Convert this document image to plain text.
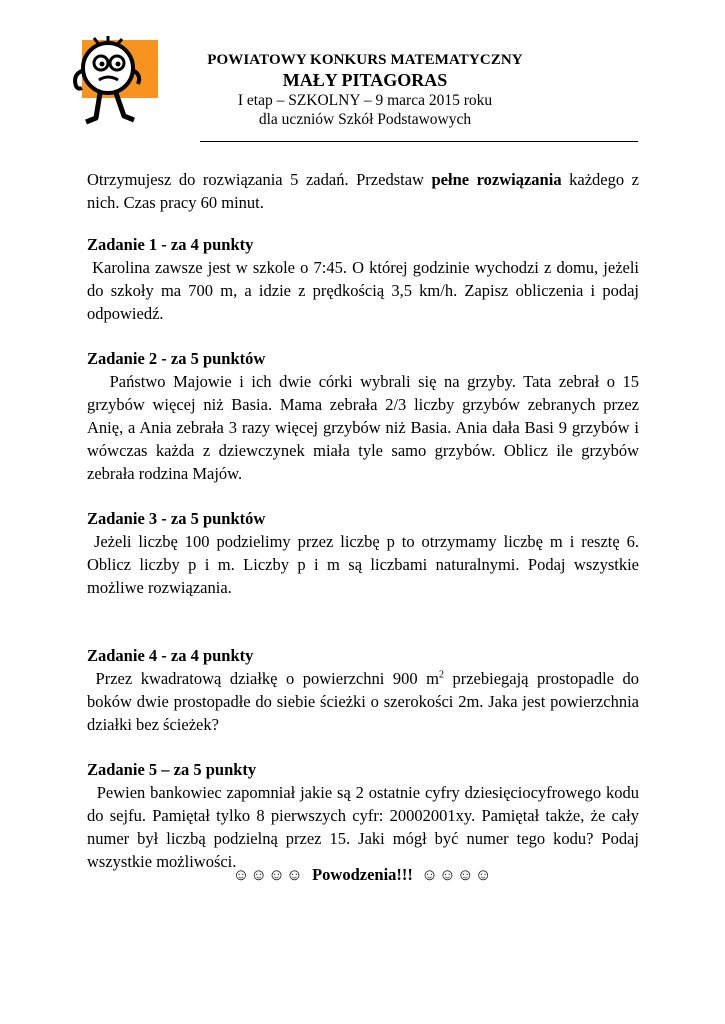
POWIATOWY KONKURS MATEMATYCZNY
MAŁY PITAGORAS
I etap – SZKOLNY – 9 marca 2015 roku
dla uczniów Szkół Podstawowych

Otrzymujesz do rozwiązania 5 zadań. Przedstaw pełne rozwiązania każdego z nich. Czas pracy 60 minut.

Zadanie 1 - za 4 punkty

Karolina zawsze jest w szkole o 7:45. O której godzinie wychodzi z domu, jeżeli do szkoły ma 700 m, a idzie z prędkością 3,5 km/h. Zapisz obliczenia i podaj odpowiedź.

Zadanie 2 - za 5 punktów

Państwo Majowie i ich dwie córki wybrali się na grzyby. Tata zebrał o 15 grzybów więcej niż Basia. Mama zebrała 2/3 liczby grzybów zebranych przez Anię, a Ania zebrała 3 razy więcej grzybów niż Basia. Ania dała Basi 9 grzybów i wówczas każda z dziewczynek miała tyle samo grzybów. Oblicz ile grzybów zebrała rodzina Majów.

Zadanie 3 - za 5 punktów

Jeżeli liczbę 100 podzielimy przez liczbę p to otrzymamy liczbę m i resztę 6. Oblicz liczby p i m. Liczby p i m są liczbami naturalnymi. Podaj wszystkie możliwe rozwiązania.

Zadanie 4 - za 4 punkty

Przez kwadratową działkę o powierzchni 900 $m^2$ przebiegają prostopadle do boków dwie prostopadłe do siebie ścieżki o szerokości 2m. Jaka jest powierzchnia działki bez ścieżek?

Zadanie 5 – za 5 punkty

Pewien bankowiec zapomniał jakie są 2 ostatnie cyfry dziesięciocyfrowego kodu do sejfu. Pamiętał tylko 8 pierwszych cyfr: 20002001xy. Pamiętał także, że cały numer był liczbą podzielną przez 15. Jaki mógł być numer tego kodu? Podaj wszystkie możliwości.

☺☺☺☺ Powodzenia!!! ☺☺☺☺
